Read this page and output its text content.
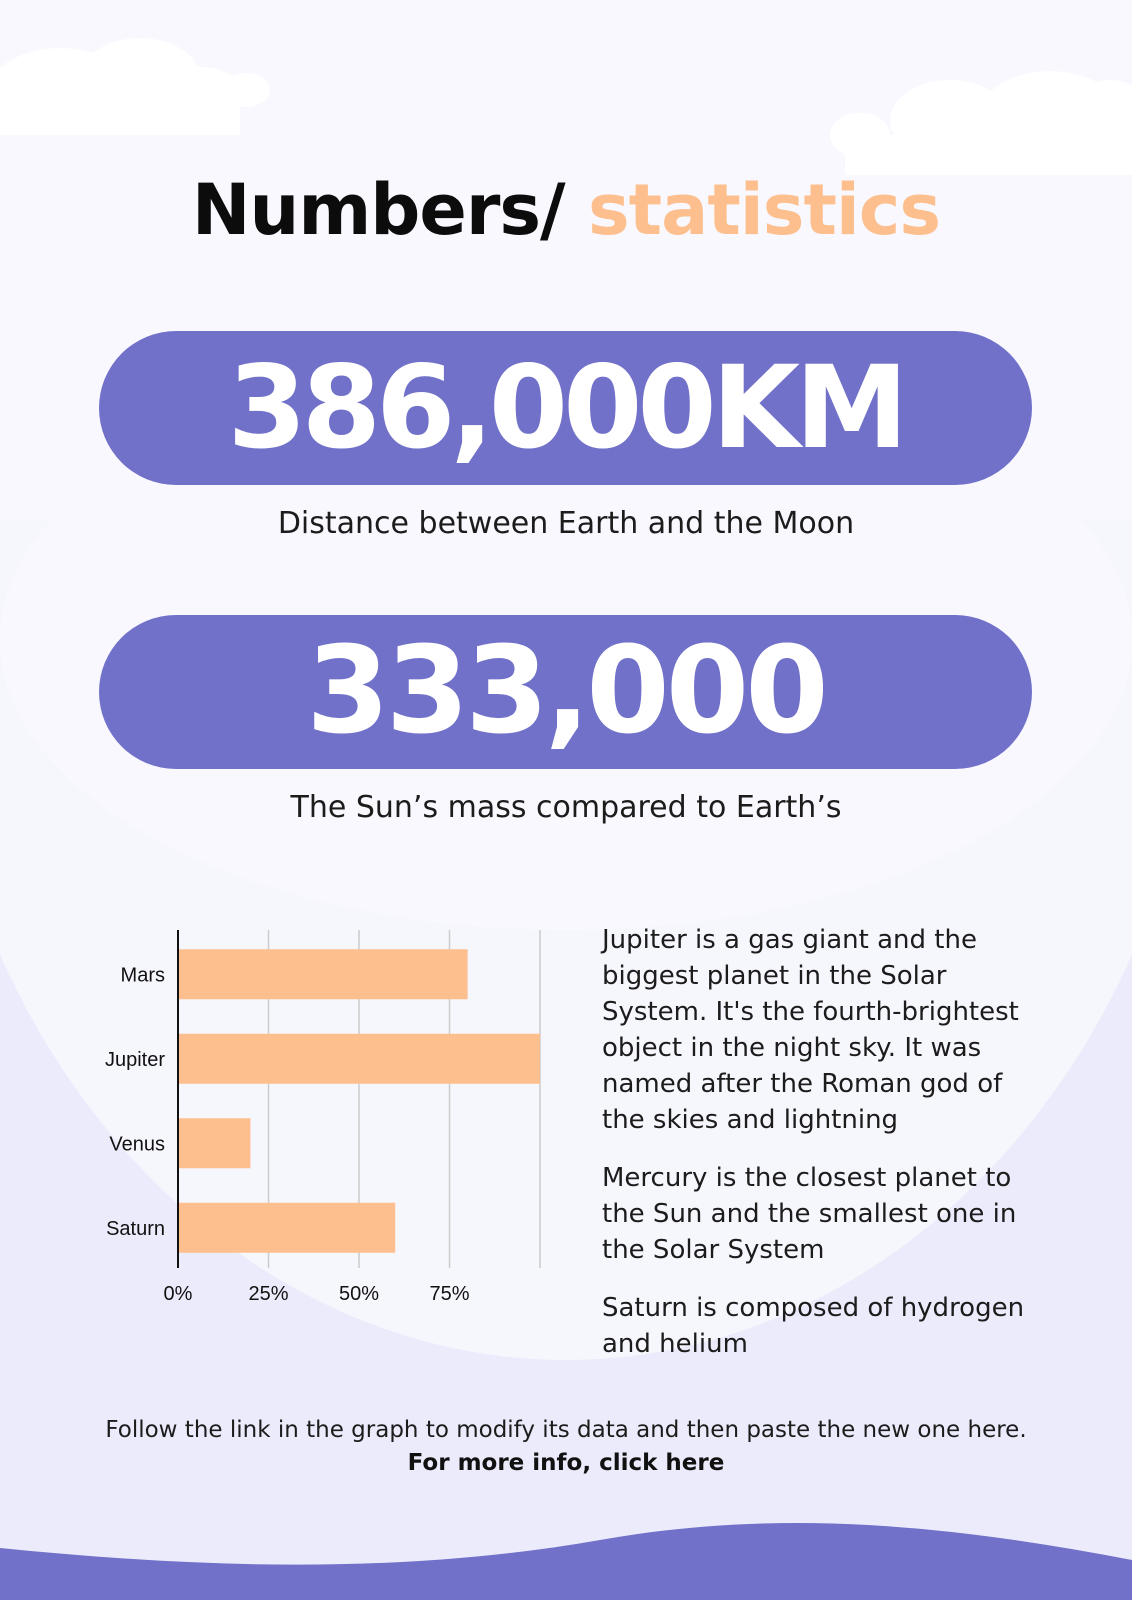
Numbers/ statistics
386,000KM
Distance between Earth and the Moon
333,000
The Sun’s mass compared to Earth’s
Mars
Jupiter
Venus
Saturn
0%	25%	50%	75%

Jupiter is a gas giant and the biggest planet in the Solar System. It's the fourth-brightest object in the night sky. It was named after the Roman god of the skies and lightning

Mercury is the closest planet to the Sun and the smallest one in the Solar System

Saturn is composed of hydrogen and helium

Follow the link in the graph to modify its data and then paste the new one here. For more info, click here
